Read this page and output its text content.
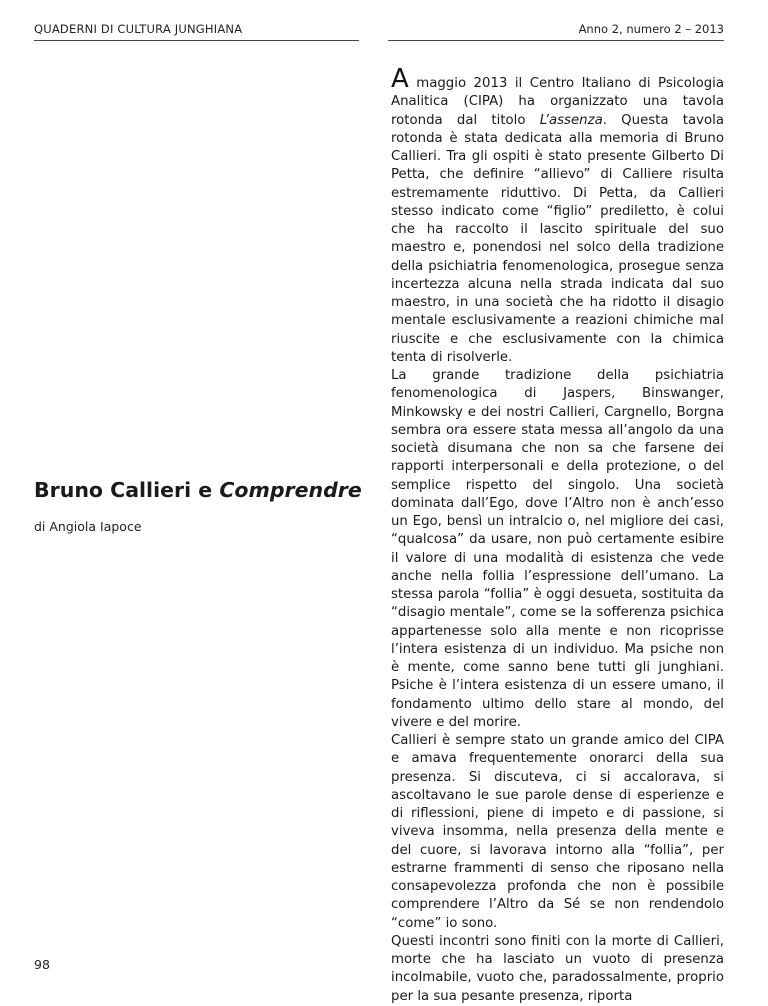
QUADERNI DI CULTURA JUNGHIANA	Anno 2, numero 2 – 2013
Bruno Callieri e Comprendre
di Angiola Iapoce
98

A maggio 2013 il Centro Italiano di Psicologia Analitica (CIPA) ha organizzato una tavola rotonda dal titolo L’assenza. Questa tavola rotonda è stata dedicata alla memoria di Bruno Callieri. Tra gli ospiti è stato presente Gilberto Di Petta, che definire “allievo” di Calliere risulta estremamente riduttivo. Di Petta, da Callieri stesso indicato come “figlio” prediletto, è colui che ha raccolto il lascito spirituale del suo maestro e, ponendosi nel solco della tradizione della psichiatria fenomenologica, prosegue senza incertezza alcuna nella strada indicata dal suo maestro, in una società che ha ridotto il disagio mentale esclusivamente a reazioni chimiche mal riuscite e che esclusivamente con la chimica tenta di risolverle.

La grande tradizione della psichiatria fenomenologica di Jaspers, Binswanger, Minkowsky e dei nostri Callieri, Cargnello, Borgna sembra ora essere stata messa all’angolo da una società disumana che non sa che farsene dei rapporti interpersonali e della protezione, o del semplice rispetto del singolo. Una società dominata dall’Ego, dove l’Altro non è anch’esso un Ego, bensì un intralcio o, nel migliore dei casi, “qualcosa” da usare, non può certamente esibire il valore di una modalità di esistenza che vede anche nella follia l’espressione dell’umano. La stessa parola “follia” è oggi desueta, sostituita da “disagio mentale”, come se la sofferenza psichica appartenesse solo alla mente e non ricoprisse l’intera esistenza di un individuo. Ma psiche non è mente, come sanno bene tutti gli junghiani. Psiche è l’intera esistenza di un essere umano, il fondamento ultimo dello stare al mondo, del vivere e del morire.

Callieri è sempre stato un grande amico del CIPA e amava frequentemente onorarci della sua presenza. Si discuteva, ci si accalorava, si ascoltavano le sue parole dense di esperienze e di riflessioni, piene di impeto e di passione, si viveva insomma, nella presenza della mente e del cuore, si lavorava intorno alla “follia”, per estrarne frammenti di senso che riposano nella consapevolezza profonda che non è possibile comprendere l’Altro da Sé se non rendendolo “come” io sono.

Questi incontri sono finiti con la morte di Callieri, morte che ha lasciato un vuoto di presenza incolmabile, vuoto che, paradossalmente, proprio per la sua pesante presenza, riporta
